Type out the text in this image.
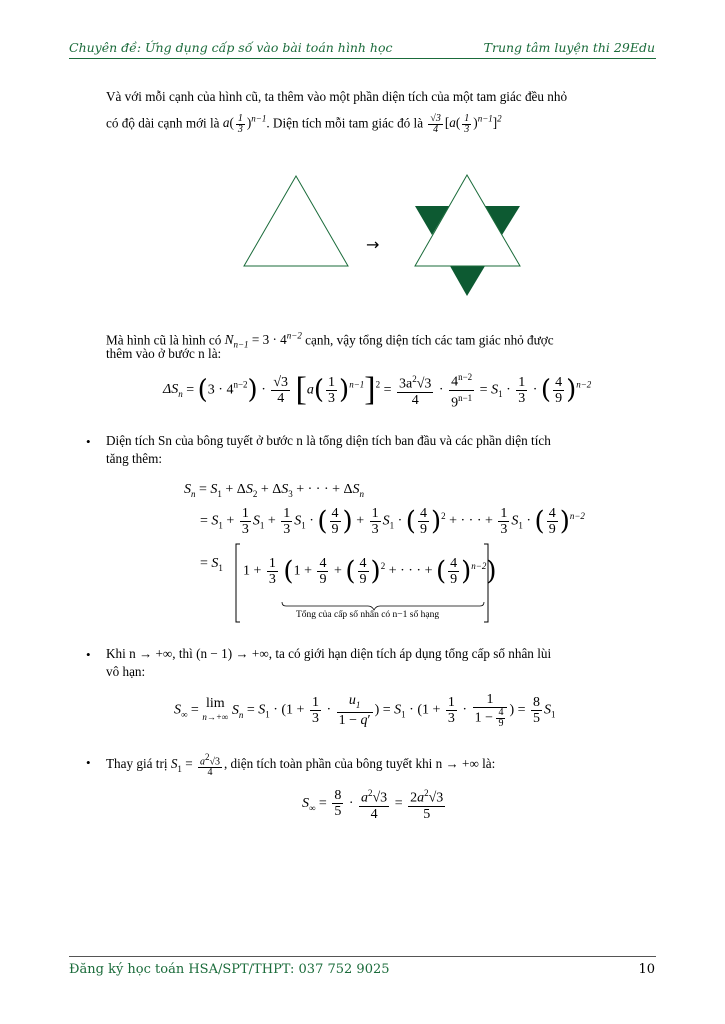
Chuyên đề: Ứng dụng cấp số vào bài toán hình học	Trung tâm luyện thi 29Edu
Và với mỗi cạnh của hình cũ, ta thêm vào một phần diện tích của một tam giác đều nhỏ
có độ dài cạnh mới là $a( \frac{1}{3} )^{n-1}$. Diện tích mỗi tam giác đó là $\frac{√3}{4} [a( \frac{1}{3} )^{n-1}]^2$
→
Mà hình cũ là hình có $N_{n-1} = 3 \cdot 4^{n-2}$ cạnh, vậy tổng diện tích các tam giác nhỏ được
thêm vào ở bước n là:
$\Delta S_n = (3 \cdot 4^{n-2}) \cdot \frac{√3}{4} [a( \frac{1}{3} )^{n-1}]^2 = \frac{3a^2√3}{4} \cdot \frac{4^{n-2}}{9^{n-1}} = S_1 \cdot \frac{1}{3}$ · ( $\frac{4}{9} )^{n-2}$
• Diện tích Sn của bông tuyết ở bước n là tổng diện tích ban đầu và các phần diện tích
tăng thêm:
$S_n = S_1 + \Delta S_2 + \Delta S_3$ + · · · + $\Delta S_n$
= $S_1 + \frac{1}{3} S_1 + \frac{1}{3} S_1$ · ( $\frac{4}{9}$ ) + $\frac{1}{3} S_1$ · ( $\frac{4}{9} )^2$ + · · · + $\frac{1}{3} S_1$ · ( $\frac{4}{9} )^{n-2}$
= $S_1$ $1 + \frac{1}{3} (1 + \frac{4}{9}$ + ( $\frac{4}{9} )^2$ + · · · + ( $\frac{4}{9} )^{n-2}$)
Tổng của cấp số nhân có n−1 số hạng
• Khi n → +∞, thì (n − 1) → +∞, ta có giới hạn diện tích áp dụng tổng cấp số nhân lùi
vô hạn:
$S_\infty = \lim$
n→+∞ $S_n = S_1 \cdot (1 + \frac{1}{3} \cdot \frac{u_1}{1 - q'}$ ) = $S_1 \cdot (1 + \frac{1}{3} \cdot \frac{1}{1 - \frac{4}{9}}$ ) = $\frac{8}{5} S_1$
• Thay giá trị $S_1 = \frac{a^2√3}{4}$ , diện tích toàn phần của bông tuyết khi n → +∞ là:
$S_\infty = \frac{8}{5} \cdot \frac{a^2√3}{4} = \frac{2a^2√3}{5}$
Đăng ký học toán HSA/SPT/THPT: 037 752 9025	10
